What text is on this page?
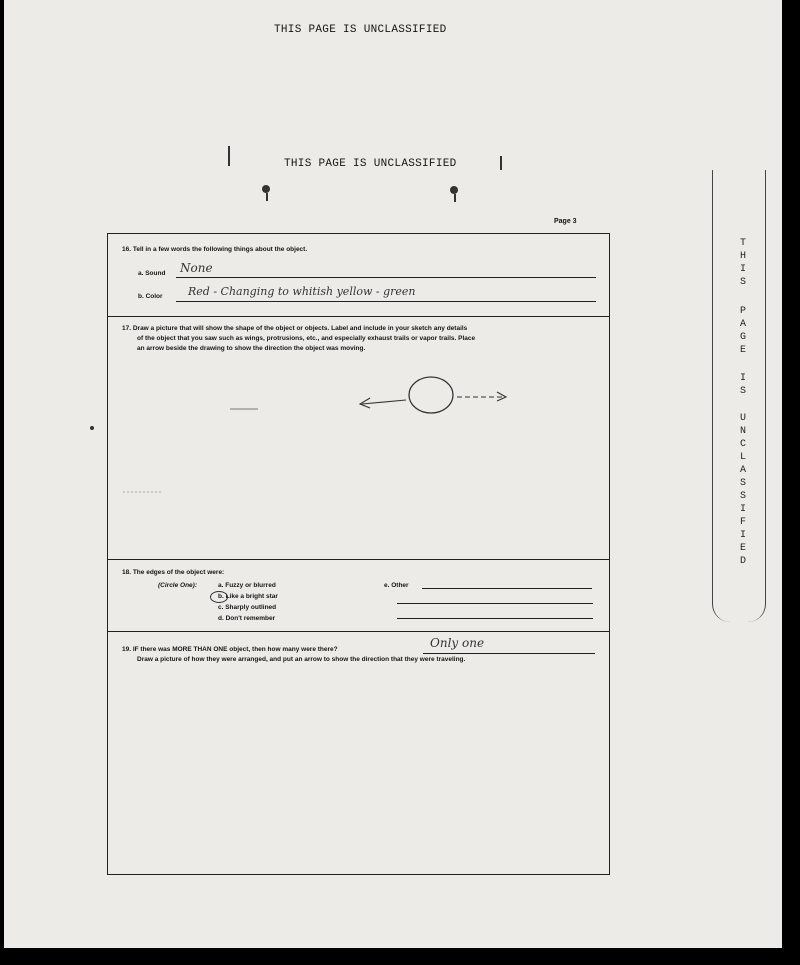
THIS PAGE IS UNCLASSIFIED
THIS PAGE IS UNCLASSIFIED
Page 3
16. Tell in a few words the following things about the object.
a. Sound None
b. Color Red - Changing to whitish yellow - green
17. Draw a picture that will show the shape of the object or objects. Label and include in your sketch any details
of the object that you saw such as wings, protrusions, etc., and especially exhaust trails or vapor trails. Place
an arrow beside the drawing to show the direction the object was moving.
18. The edges of the object were:
(Circle One):	a. Fuzzy or blurred
b. Like a bright star
c. Sharply outlined
d. Don't remember
e. Other
19. IF there was MORE THAN ONE object, then how many were there?	Only one
Draw a picture of how they were arranged, and put an arrow to show the direction that they were traveling.
T
H
I
S
P
A
G
E
I
S
U
N
C
L
A
S
S
I
F
I
E
D
